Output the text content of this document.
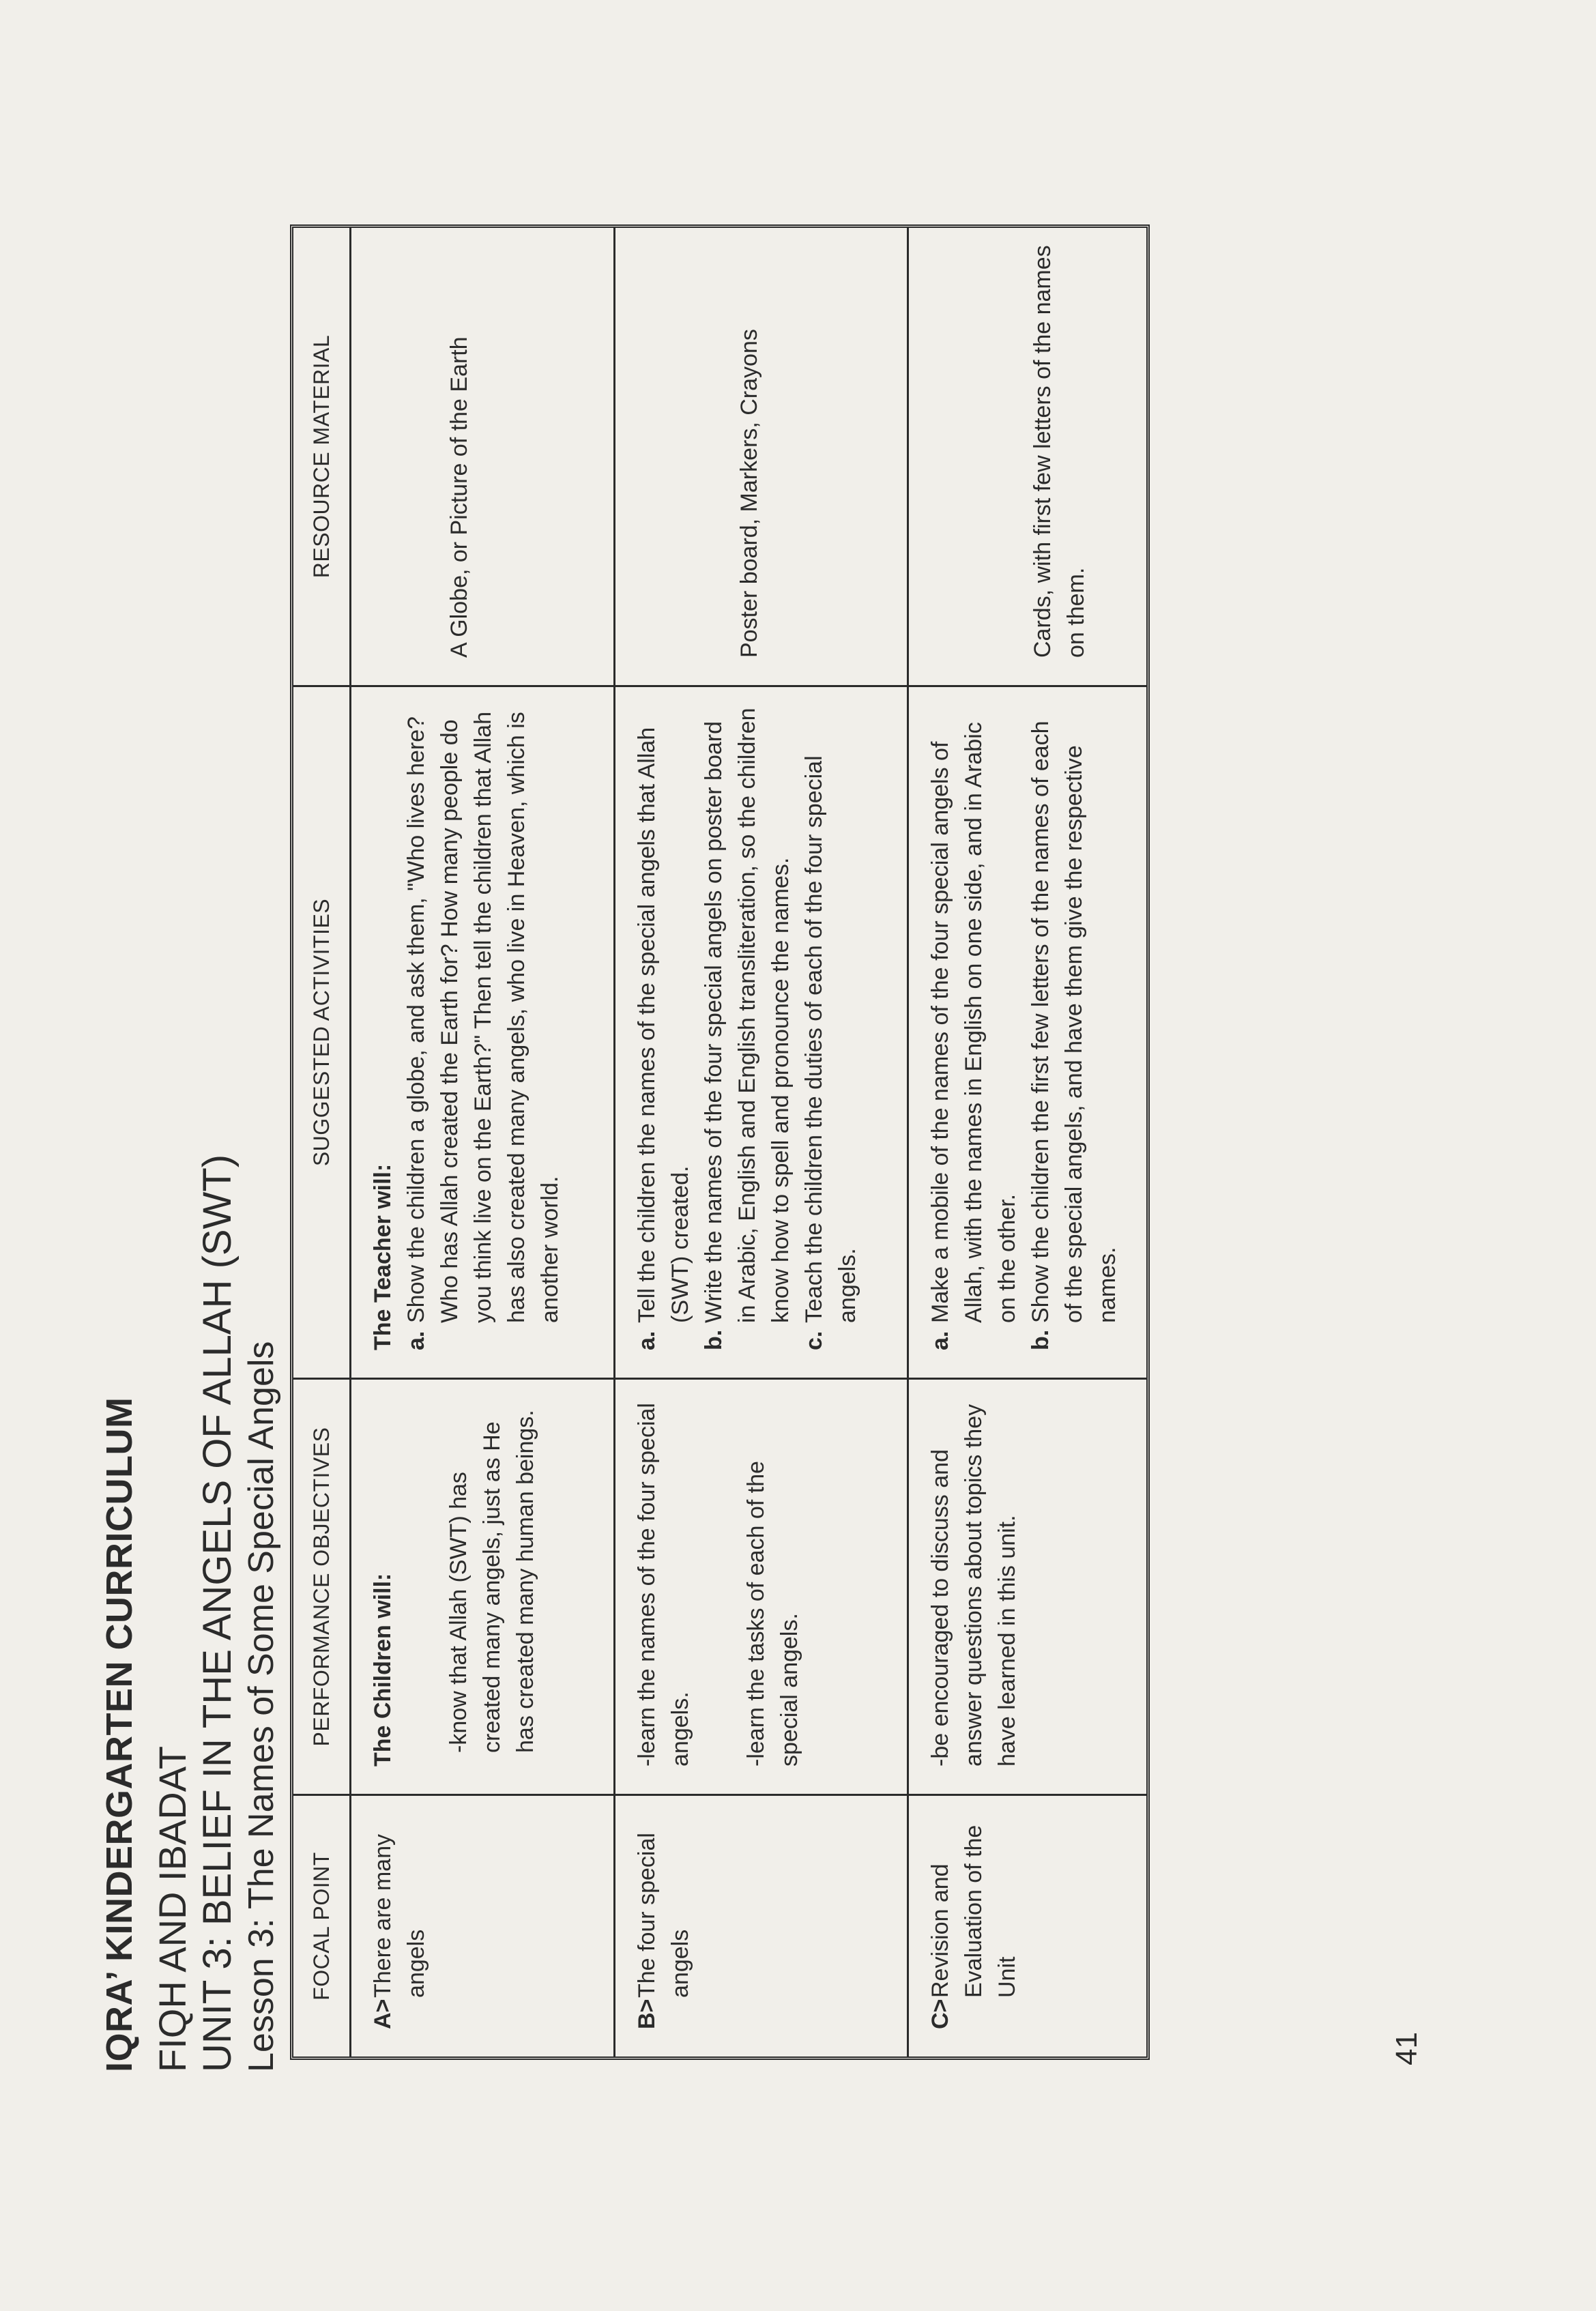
IQRA’ KINDERGARTEN CURRICULUM FIQH AND IBADAT UNIT 3: BELIEF IN THE ANGELS OF ALLAH (SWT) Lesson 3: The Names of Some Special Angels	FOCAL POINT
PERFORMANCE OBJECTIVES
SUGGESTED ACTIVITIES
RESOURCE MATERIAL
A>
There are many angels

The Children will: -know that Allah (SWT) has created many angels, just as He has created many human beings.

The Teacher will: a.
Show the children a globe, and ask them, "Who lives here? Who has Allah created the Earth for? How many people do you think live on the Earth?" Then tell the children that Allah has also created many angels, who live in Heaven, which is another world.

A Globe, or Picture of the Earth

B>
The four special angels

-learn the names of the four special angels. -learn the tasks of each of the special angels.

a.
Tell the children the names of the special angels that Allah (SWT) created.
b.
Write the names of the four special angels on poster board in Arabic, English and English transliteration, so the children know how to spell and pronounce the names.
c.
Teach the children the duties of each of the four special angels.

Poster board, Markers, Crayons

C>
Revision and Evaluation of the Unit

-be encouraged to discuss and answer questions about topics they have learned in this unit.

a.
Make a mobile of the names of the four special angels of Allah, with the names in English on one side, and in Arabic on the other.
b.
Show the children the first few letters of the names of each of the special angels, and have them give the respective names.

Cards, with first few letters of the names on them.

41
